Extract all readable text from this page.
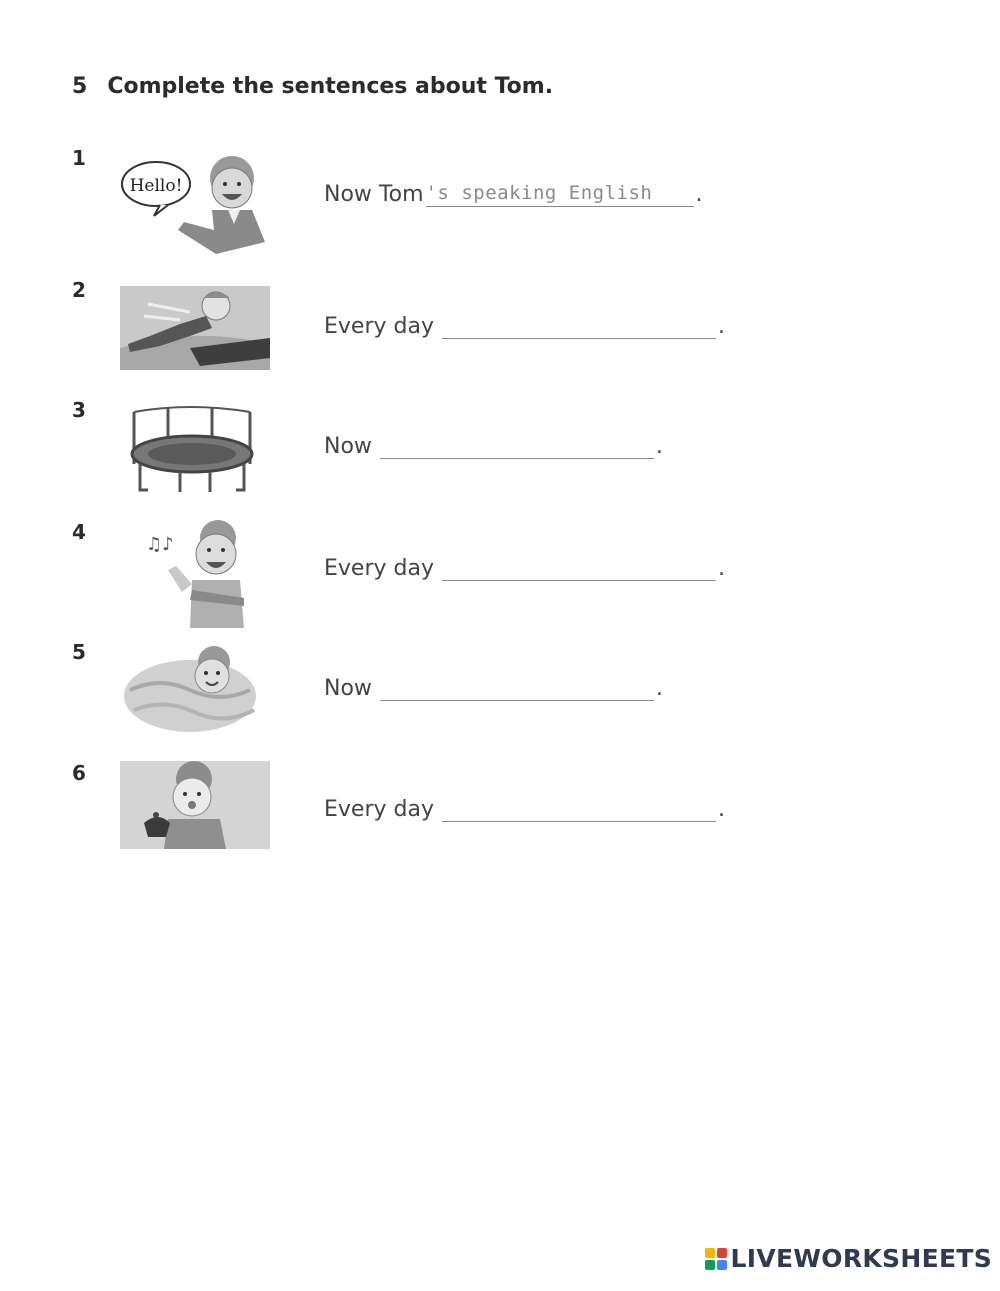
5 Complete the sentences about Tom.
1
Hello!	Now Tom 's speaking English	.
2
Every day	.
3
Now	.
4
♫♪
Every day	.
5
Now	.
6
Every day	.
LIVEWORKSHEETS
